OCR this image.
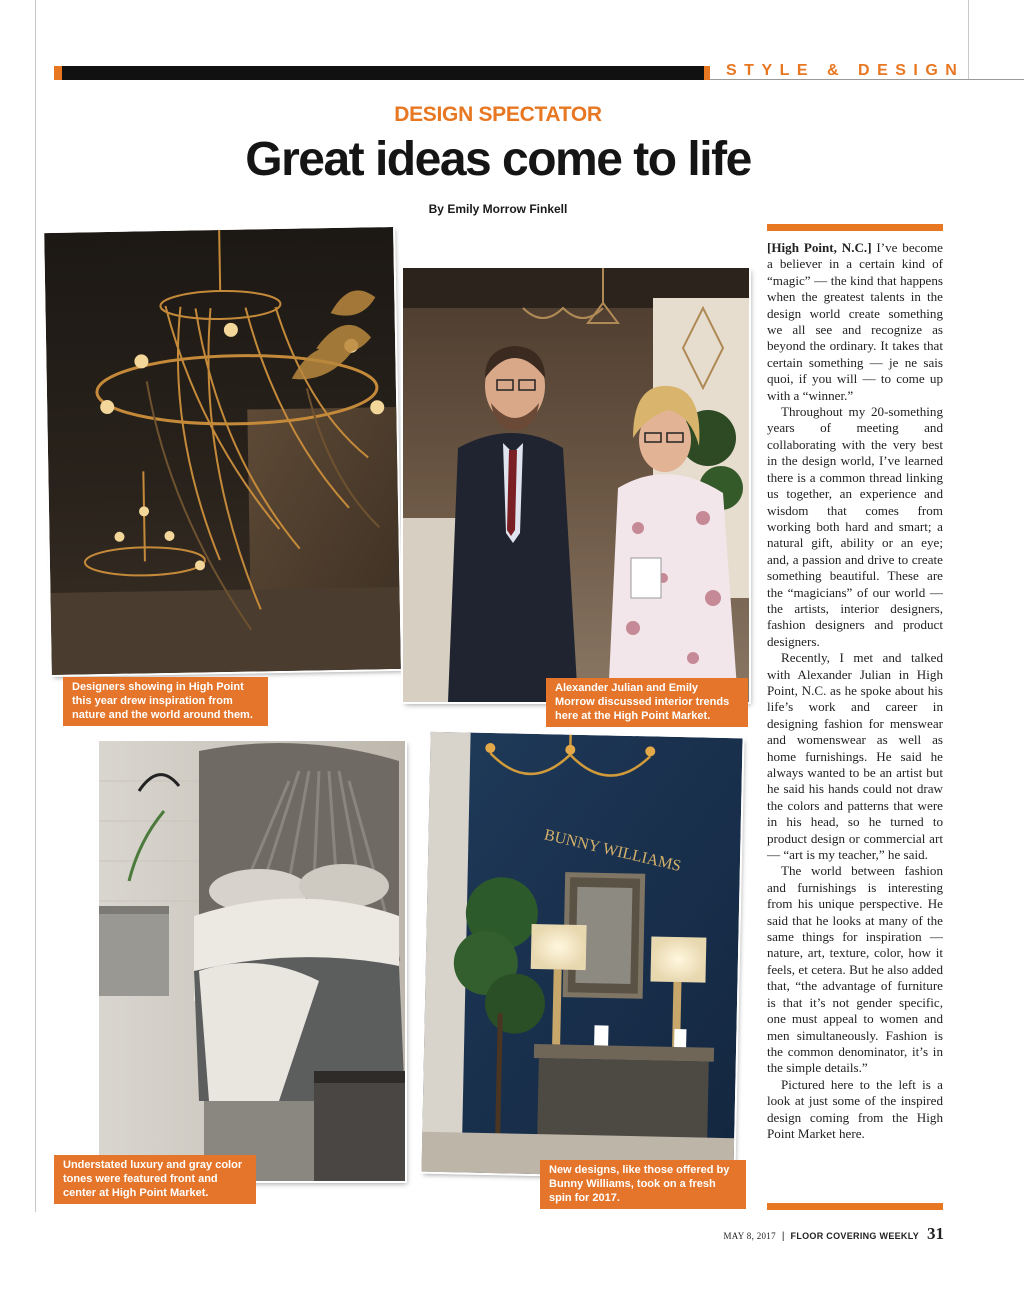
STYLE & DESIGN
DESIGN SPECTATOR
Great ideas come to life
By Emily Morrow Finkell
Designers showing in High Point this year drew inspiration from nature and the world around them.
Alexander Julian and Emily Morrow discussed interior trends here at the High Point Market.
Understated luxury and gray color tones were featured front and center at High Point Market.
BUNNY WILLIAMS
New designs, like those offered by Bunny Williams, took on a fresh spin for 2017.

[High Point, N.C.] I’ve become a believer in a certain kind of “magic” — the kind that happens when the greatest talents in the design world create something we all see and recognize as beyond the ordinary. It takes that certain something — je ne sais quoi, if you will — to come up with a “winner.”

Throughout my 20-something years of meeting and collaborating with the very best in the design world, I’ve learned there is a common thread linking us together, an experience and wisdom that comes from working both hard and smart; a natural gift, ability or an eye; and, a passion and drive to create something beautiful. These are the “magicians” of our world — the artists, interior designers, fashion designers and product designers.

Recently, I met and talked with Alexander Julian in High Point, N.C. as he spoke about his life’s work and career in designing fashion for menswear and womenswear as well as home furnishings. He said he always wanted to be an artist but he said his hands could not draw the colors and patterns that were in his head, so he turned to product design or commercial art — “art is my teacher,” he said.

The world between fashion and furnishings is interesting from his unique perspective. He said that he looks at many of the same things for inspiration — nature, art, texture, color, how it feels, et cetera. But he also added that, “the advantage of furniture is that it’s not gender specific, one must appeal to women and men simultaneously. Fashion is the common denominator, it’s in the simple details.”

Pictured here to the left is a look at just some of the inspired design coming from the High Point Market here.

MAY 8, 2017 | FLOOR COVERING WEEKLY 31
